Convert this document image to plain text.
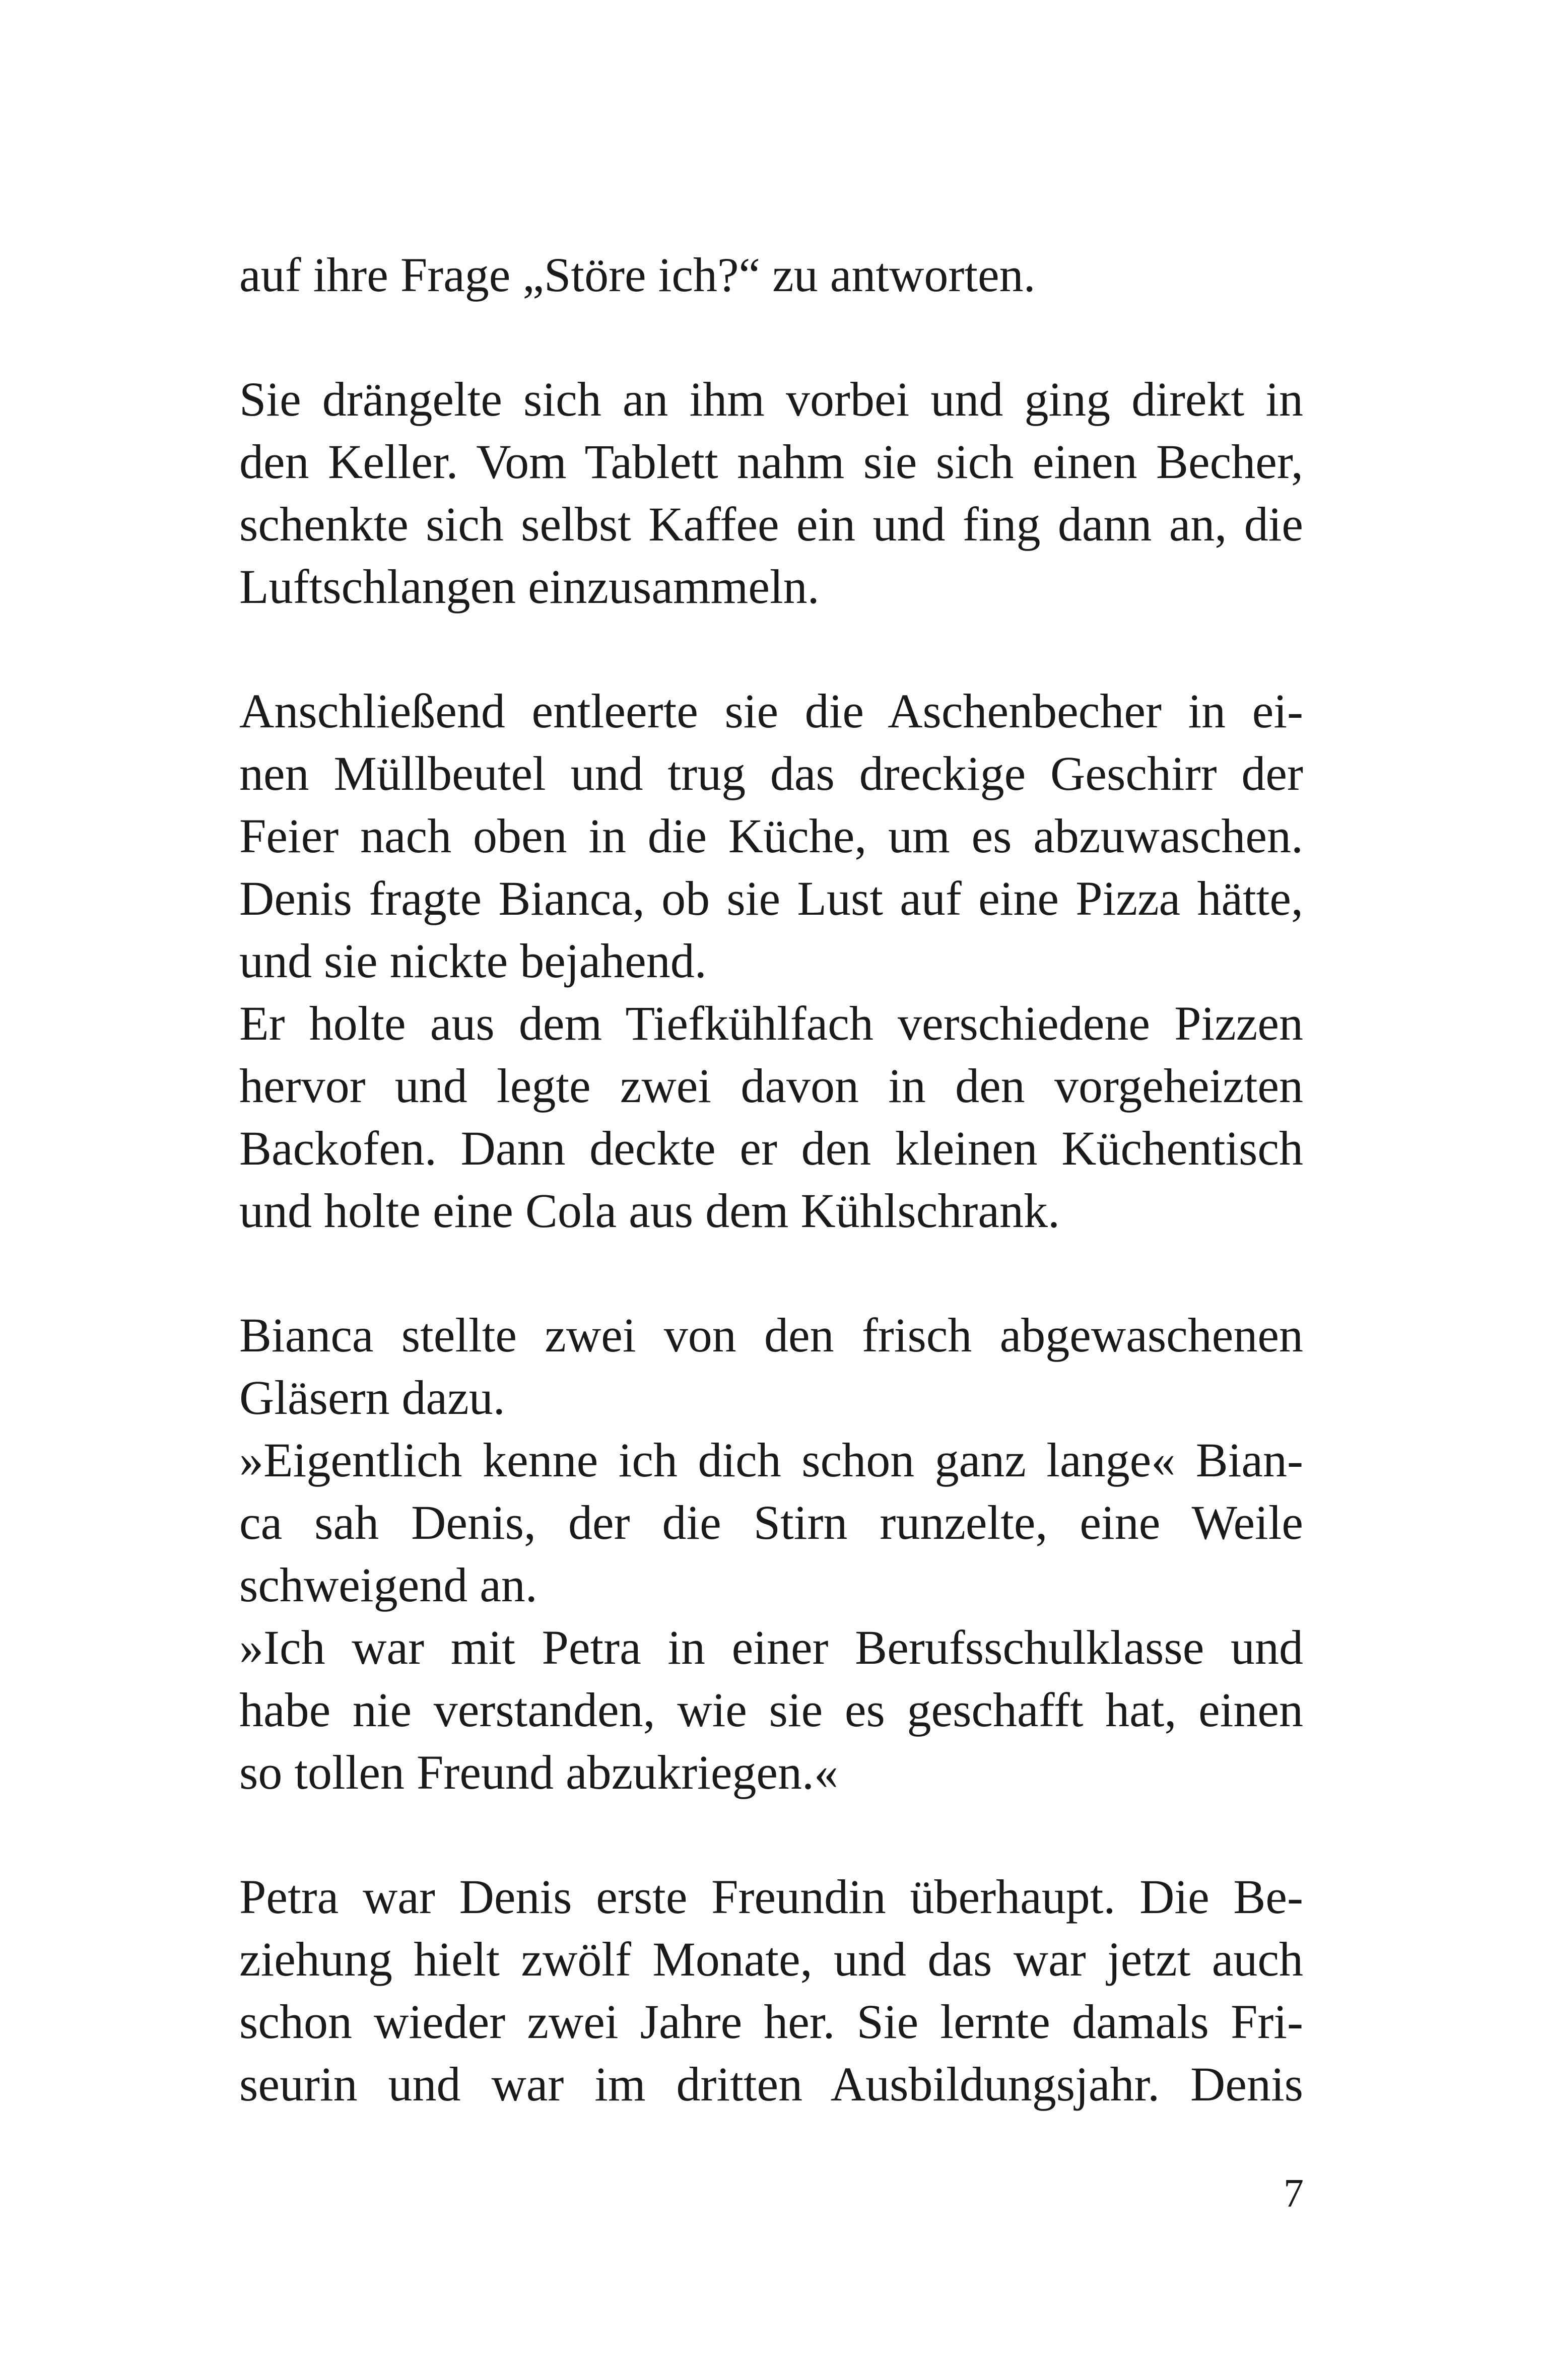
auf ihre Frage „Störe ich?“ zu antworten.
Sie drängelte sich an ihm vorbei und ging direkt in
den Keller. Vom Tablett nahm sie sich einen Becher,
schenkte sich selbst Kaffee ein und fing dann an, die
Luftschlangen einzusammeln.
Anschließend entleerte sie die Aschenbecher in ei-
nen Müllbeutel und trug das dreckige Geschirr der
Feier nach oben in die Küche, um es abzuwaschen.
Denis fragte Bianca, ob sie Lust auf eine Pizza hätte,
und sie nickte bejahend.
Er holte aus dem Tiefkühlfach verschiedene Pizzen
hervor und legte zwei davon in den vorgeheizten
Backofen. Dann deckte er den kleinen Küchentisch
und holte eine Cola aus dem Kühlschrank.
Bianca stellte zwei von den frisch abgewaschenen
Gläsern dazu.
»Eigentlich kenne ich dich schon ganz lange« Bian-
ca sah Denis, der die Stirn runzelte, eine Weile
schweigend an.
»Ich war mit Petra in einer Berufsschulklasse und
habe nie verstanden, wie sie es geschafft hat, einen
so tollen Freund abzukriegen.«
Petra war Denis erste Freundin überhaupt. Die Be-
ziehung hielt zwölf Monate, und das war jetzt auch
schon wieder zwei Jahre her. Sie lernte damals Fri-
seurin und war im dritten Ausbildungsjahr. Denis
7
